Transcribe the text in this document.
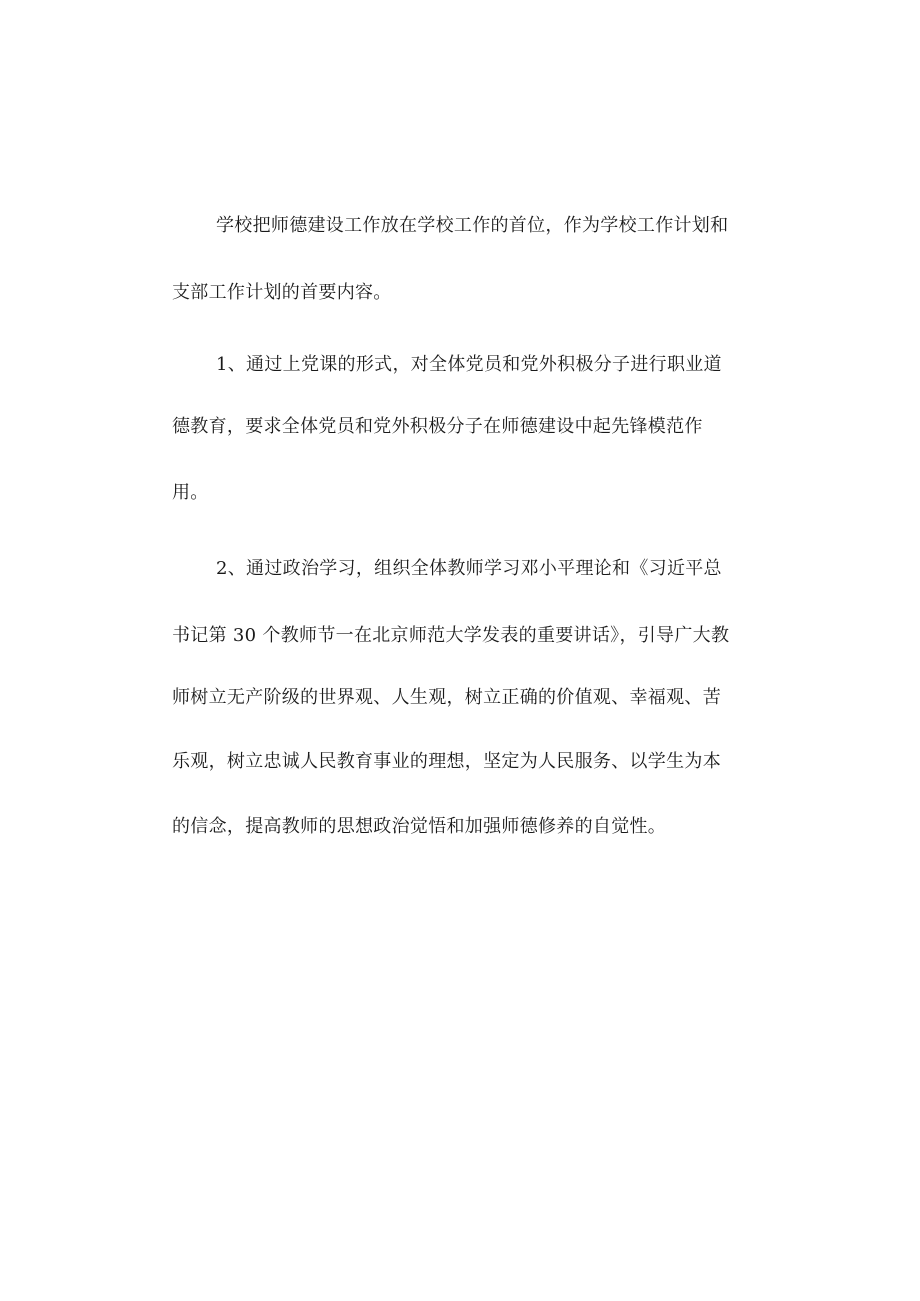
学校把师德建设工作放在学校工作的首位，作为学校工作计划和
支部工作计划的首要内容。
1、通过上党课的形式，对全体党员和党外积极分子进行职业道
德教育，要求全体党员和党外积极分子在师德建设中起先锋模范作
用。
2、通过政治学习，组织全体教师学习邓小平理论和《习近平总
书记第 30 个教师节一在北京师范大学发表的重要讲话》，引导广大教
师树立无产阶级的世界观、人生观，树立正确的价值观、幸福观、苦
乐观，树立忠诚人民教育事业的理想，坚定为人民服务、以学生为本
的信念，提高教师的思想政治觉悟和加强师德修养的自觉性。
